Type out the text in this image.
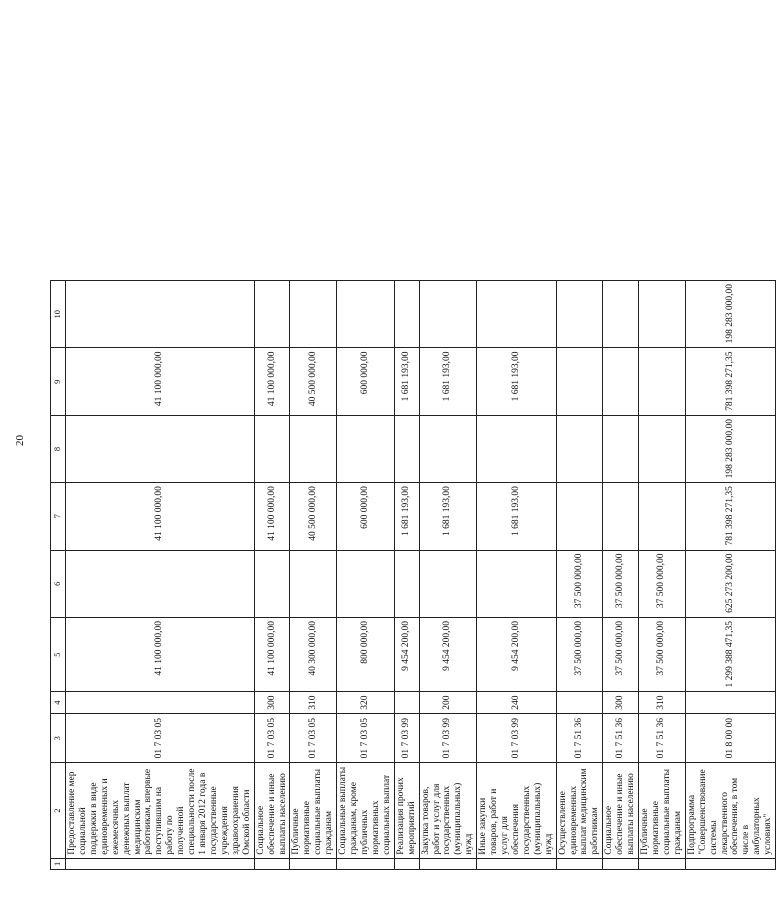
20
1	2	3	4	5	6	7	8	9	10
	Предоставление мер социальной поддержки в виде единовременных и ежемесячных денежных выплат медицинским работникам, впервые поступившим на работу по полученной специальности после 1 января 2012 года в государственные учреждения здравоохранения Омской области	01 7 03 05		41 100 000,00		41 100 000,00		41 100 000,00	
	Социальное обеспечение и иные выплаты населению	01 7 03 05	300	41 100 000,00		41 100 000,00		41 100 000,00	
	Публичные нормативные социальные выплаты гражданам	01 7 03 05	310	40 300 000,00		40 500 000,00		40 500 000,00	
	Социальные выплаты гражданам, кроме публичных нормативных социальных выплат	01 7 03 05	320	800 000,00		600 000,00		600 000,00	
	Реализация прочих мероприятий	01 7 03 99		9 454 200,00		1 681 193,00		1 681 193,00	
	Закупка товаров, работ и услуг для государственных (муниципальных) нужд	01 7 03 99	200	9 454 200,00		1 681 193,00		1 681 193,00	
	Иные закупки товаров, работ и услуг для обеспечения государственных (муниципальных) нужд	01 7 03 99	240	9 454 200,00		1 681 193,00		1 681 193,00	
	Осуществление единовременных выплат медицинским работникам	01 7 51 36		37 500 000,00	37 500 000,00				
	Социальное обеспечение и иные выплаты населению	01 7 51 36	300	37 500 000,00	37 500 000,00				
	Публичные нормативные социальные выплаты гражданам	01 7 51 36	310	37 500 000,00	37 500 000,00				
	Подпрограмма "Совершенствование системы лекарственного обеспечения, в том числе в амбулаторных условиях"	01 8 00 00		1 299 388 471,35	625 273 200,00	781 398 271,35	198 283 000,00	781 398 271,35	198 283 000,00
